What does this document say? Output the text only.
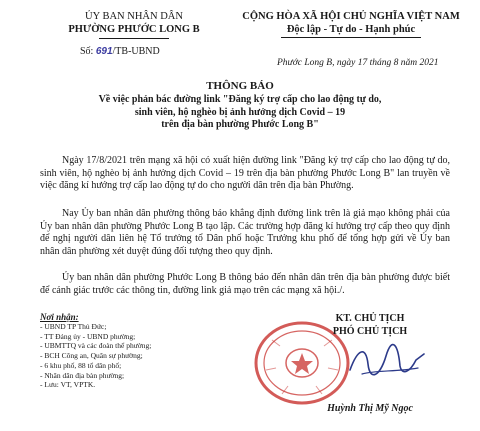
ỦY BAN NHÂN DÂN
PHƯỜNG PHƯỚC LONG B
CỘNG HÒA XÃ HỘI CHỦ NGHĨA VIỆT NAM
Độc lập - Tự do - Hạnh phúc
Số: 691/TB-UBND
Phước Long B, ngày 17 tháng 8 năm 2021
THÔNG BÁO
Về việc phản bác đường link "Đăng ký trợ cấp cho lao động tự do,
sinh viên, hộ nghèo bị ảnh hưởng dịch Covid – 19
trên địa bàn phường Phước Long B"
Ngày 17/8/2021 trên mạng xã hội có xuất hiện đường link "Đăng ký trợ cấp cho lao động tự do, sinh viên, hộ nghèo bị ảnh hưởng dịch Covid – 19 trên địa bàn phường Phước Long B" lan truyền về việc đăng kí hướng trợ cấp lao động tự do cho người dân trên địa bàn Phường.
Nay Ủy ban nhân dân phường thông báo khẳng định đường link trên là giả mạo không phải của Ủy ban nhân dân phường Phước Long B tạo lập. Các trường hợp đăng kí hướng trợ cấp theo quy định để nghị người dân liên hệ Tổ trưởng tổ Dân phố hoặc Trưởng khu phố để tổng hợp gửi về Ủy ban nhân dân phường xét duyệt đúng đối tượng theo quy định.
Ủy ban nhân dân phường Phước Long B thông báo đến nhân dân trên địa bàn phường được biết để cảnh giác trước các thông tin, đường link giả mạo trên các mạng xã hội./.
Nơi nhận:
- UBND TP Thủ Đức;
- TT Đảng ủy - UBND phường;
- UBMTTQ và các đoàn thể phường;
- BCH Công an, Quân sự phường;
- 6 khu phố, 88 tổ dân phố;
- Nhân dân địa bàn phường;
- Lưu: VT, VPTK.
KT. CHỦ TỊCH
PHÓ CHỦ TỊCH
Huỳnh Thị Mỹ Ngọc
